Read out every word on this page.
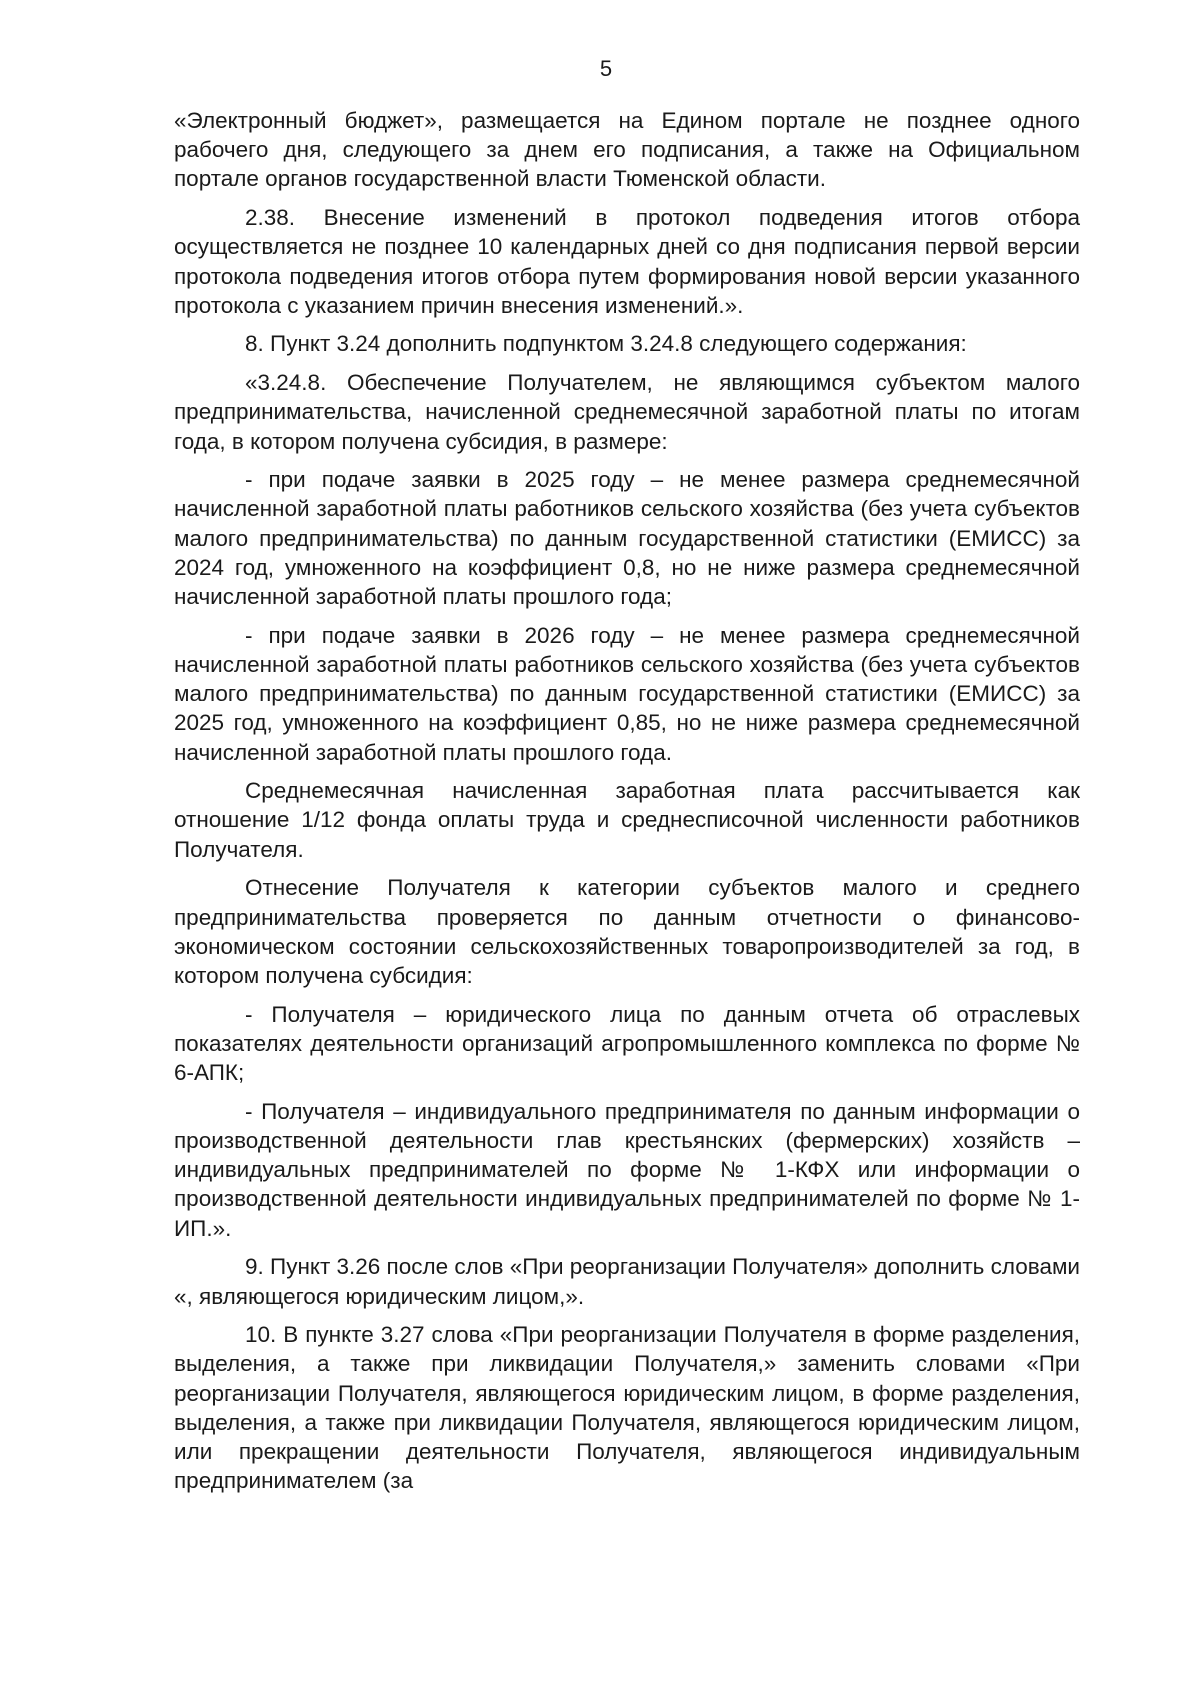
5

«Электронный бюджет», размещается на Едином портале не позднее одного рабочего дня, следующего за днем его подписания, а также на Официальном портале органов государственной власти Тюменской области.

2.38. Внесение изменений в протокол подведения итогов отбора осуществляется не позднее 10 календарных дней со дня подписания первой версии протокола подведения итогов отбора путем формирования новой версии указанного протокола с указанием причин внесения изменений.».

8. Пункт 3.24 дополнить подпунктом 3.24.8 следующего содержания:

«3.24.8. Обеспечение Получателем, не являющимся субъектом малого предпринимательства, начисленной среднемесячной заработной платы по итогам года, в котором получена субсидия, в размере:

- при подаче заявки в 2025 году – не менее размера среднемесячной начисленной заработной платы работников сельского хозяйства (без учета субъектов малого предпринимательства) по данным государственной статистики (ЕМИСС) за 2024 год, умноженного на коэффициент 0,8, но не ниже размера среднемесячной начисленной заработной платы прошлого года;

- при подаче заявки в 2026 году – не менее размера среднемесячной начисленной заработной платы работников сельского хозяйства (без учета субъектов малого предпринимательства) по данным государственной статистики (ЕМИСС) за 2025 год, умноженного на коэффициент 0,85, но не ниже размера среднемесячной начисленной заработной платы прошлого года.

Среднемесячная начисленная заработная плата рассчитывается как отношение 1/12 фонда оплаты труда и среднесписочной численности работников Получателя.

Отнесение Получателя к категории субъектов малого и среднего предпринимательства проверяется по данным отчетности о финансово-экономическом состоянии сельскохозяйственных товаропроизводителей за год, в котором получена субсидия:

- Получателя – юридического лица по данным отчета об отраслевых показателях деятельности организаций агропромышленного комплекса по форме № 6-АПК;

- Получателя – индивидуального предпринимателя по данным информации о производственной деятельности глав крестьянских (фермерских) хозяйств – индивидуальных предпринимателей по форме № 1-КФХ или информации о производственной деятельности индивидуальных предпринимателей по форме № 1-ИП.».

9. Пункт 3.26 после слов «При реорганизации Получателя» дополнить словами «, являющегося юридическим лицом,».

10. В пункте 3.27 слова «При реорганизации Получателя в форме разделения, выделения, а также при ликвидации Получателя,» заменить словами «При реорганизации Получателя, являющегося юридическим лицом, в форме разделения, выделения, а также при ликвидации Получателя, являющегося юридическим лицом, или прекращении деятельности Получателя, являющегося индивидуальным предпринимателем (за
